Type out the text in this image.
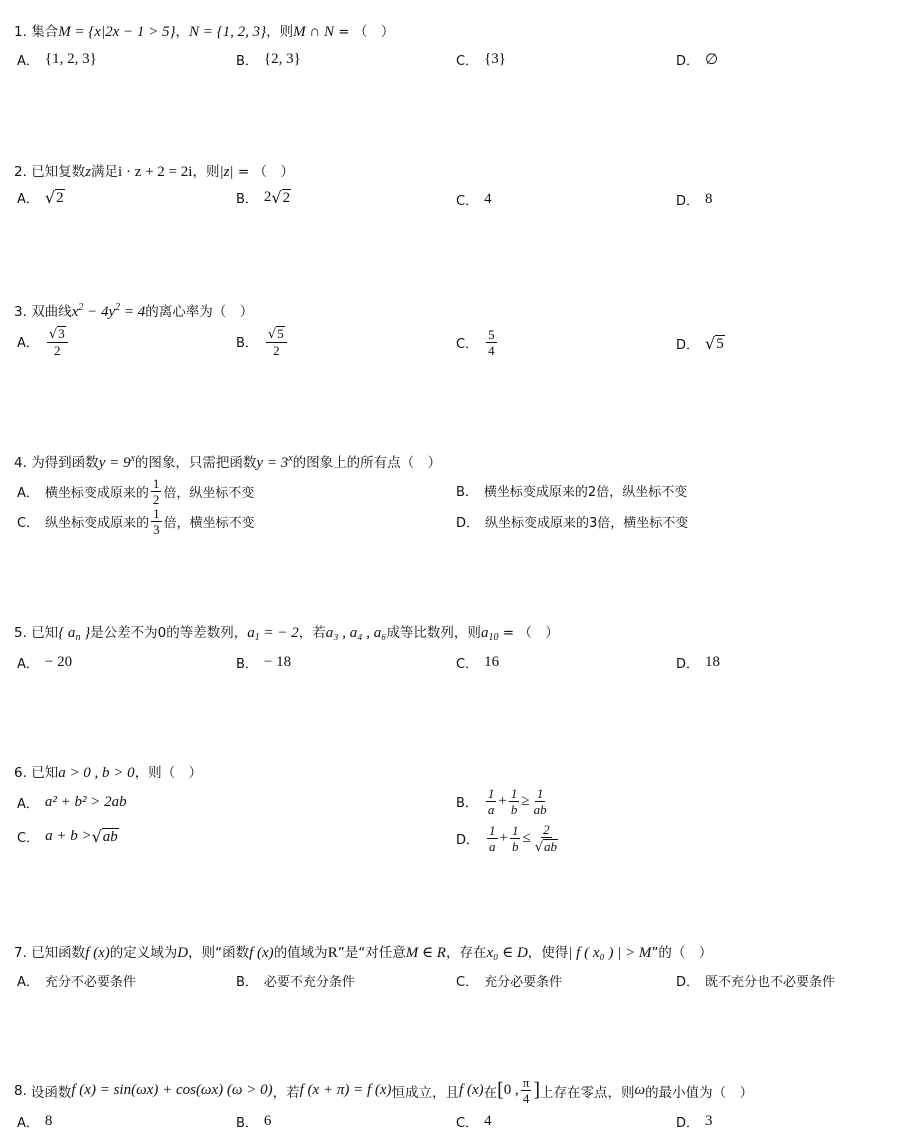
1. 集合M = {x|2x − 1 > 5}，N = {1, 2, 3}，则M ∩ N = （　）
A． {1, 2, 3}	B． {2, 3}	C． {3}	D． ∅
2. 已知复数z满足i · z + 2 = 2i，则|z| = （　）
A． √ 2	B． 2 √ 2	C． 4	D． 8
3. 双曲线$x^2 - 4y^2 = 4$的离心率为（　）
A． $\frac{√ 3}{2}$	B． $\frac{√ 5}{2}$	C． $\frac{5}{4}$	D． √ 5
4. 为得到函数$y = 9^x$的图象，只需把函数$y = 3^x$的图象上的所有点（　）
A． 横坐标变成原来的 $\frac{1}{2}$ 倍，纵坐标不变	B． 横坐标变成原来的2倍，纵坐标不变
C． 纵坐标变成原来的 $\frac{1}{3}$ 倍，横坐标不变	D． 纵坐标变成原来的3倍，横坐标不变
5. 已知{ $a_n$ }是公差不为0的等差数列，$a_1$ = − 2，若a₃ , a₄ , a₆成等比数列，则$a_{10}$ = （　）
A． − 20	B． − 18	C． 16	D． 18
6. 已知a > 0 , b > 0，则（　）
A． a² + b² > 2ab	B． $\frac{1}{a} + \frac{1}{b} \ge \frac{1}{ab}$
C． a + b > √ ab	D． $\frac{1}{a} + \frac{1}{b} \le \frac{2}{√ ab}$
7. 已知函数f (x)的定义域为D，则“函数f (x)的值域为R”是“对任意M ∈ R，存在x₀ ∈ D，使得| f ( x₀ ) | > M”的（　）
A． 充分不必要条件	B． 必要不充分条件	C． 充分必要条件	D． 既不充分也不必要条件
8. 设函数 f (x) = sin(ωx) + cos(ωx) (ω > 0) ，若 f (x + π) = f (x) 恒成立，且 f (x) 在 [ 0 , $\frac{\pi}{4}$ ] 上存在零点，则 ω 的最小值为（　）
A． 8	B． 6	C． 4	D． 3
